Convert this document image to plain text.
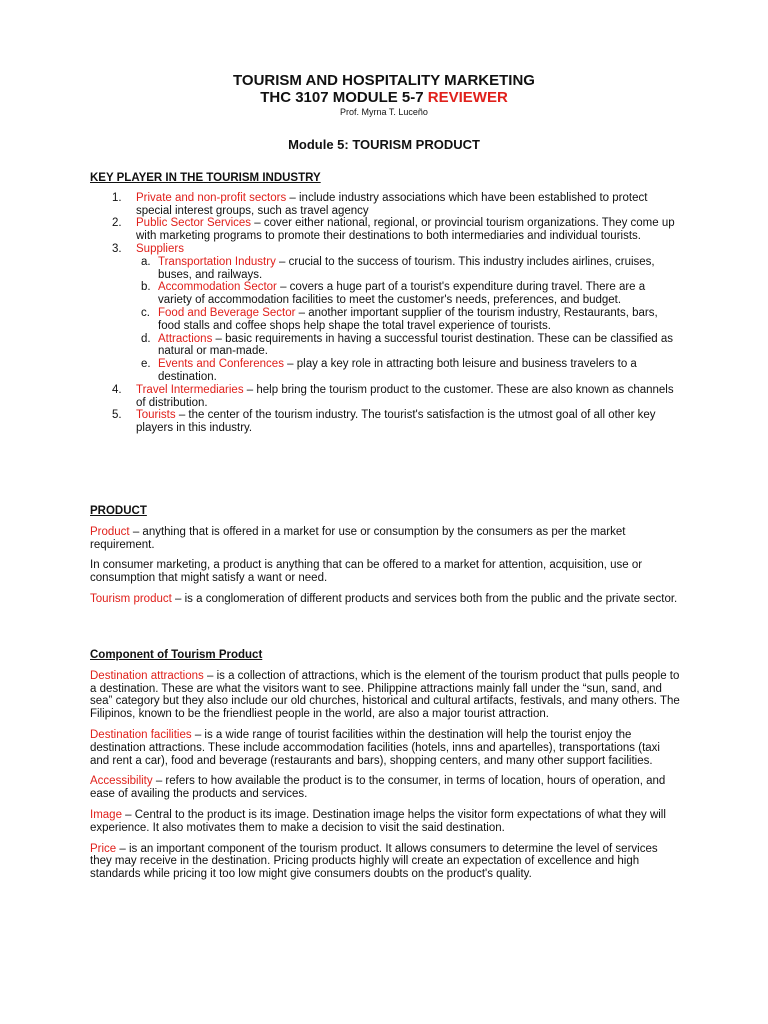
TOURISM AND HOSPITALITY MARKETING
THC 3107 MODULE 5-7 REVIEWER
Prof. Myrna T. Luceño
Module 5: TOURISM PRODUCT
KEY PLAYER IN THE TOURISM INDUSTRY
1. Private and non-profit sectors – include industry associations which have been established to protect special interest groups, such as travel agency
2. Public Sector Services – cover either national, regional, or provincial tourism organizations. They come up with marketing programs to promote their destinations to both intermediaries and individual tourists.
3. Suppliers
a. Transportation Industry – crucial to the success of tourism. This industry includes airlines, cruises, buses, and railways.
b. Accommodation Sector – covers a huge part of a tourist's expenditure during travel. There are a variety of accommodation facilities to meet the customer's needs, preferences, and budget.
c. Food and Beverage Sector – another important supplier of the tourism industry, Restaurants, bars, food stalls and coffee shops help shape the total travel experience of tourists.
d. Attractions – basic requirements in having a successful tourist destination. These can be classified as natural or man-made.
e. Events and Conferences – play a key role in attracting both leisure and business travelers to a destination.
4. Travel Intermediaries – help bring the tourism product to the customer. These are also known as channels of distribution.
5. Tourists – the center of the tourism industry. The tourist's satisfaction is the utmost goal of all other key players in this industry.
PRODUCT

Product – anything that is offered in a market for use or consumption by the consumers as per the market requirement.

In consumer marketing, a product is anything that can be offered to a market for attention, acquisition, use or consumption that might satisfy a want or need.

Tourism product – is a conglomeration of different products and services both from the public and the private sector.

Component of Tourism Product

Destination attractions – is a collection of attractions, which is the element of the tourism product that pulls people to a destination. These are what the visitors want to see. Philippine attractions mainly fall under the “sun, sand, and sea” category but they also include our old churches, historical and cultural artifacts, festivals, and many others. The Filipinos, known to be the friendliest people in the world, are also a major tourist attraction.

Destination facilities – is a wide range of tourist facilities within the destination will help the tourist enjoy the destination attractions. These include accommodation facilities (hotels, inns and apartelles), transportations (taxi and rent a car), food and beverage (restaurants and bars), shopping centers, and many other support facilities.

Accessibility – refers to how available the product is to the consumer, in terms of location, hours of operation, and ease of availing the products and services.

Image – Central to the product is its image. Destination image helps the visitor form expectations of what they will experience. It also motivates them to make a decision to visit the said destination.

Price – is an important component of the tourism product. It allows consumers to determine the level of services they may receive in the destination. Pricing products highly will create an expectation of excellence and high standards while pricing it too low might give consumers doubts on the product's quality.
